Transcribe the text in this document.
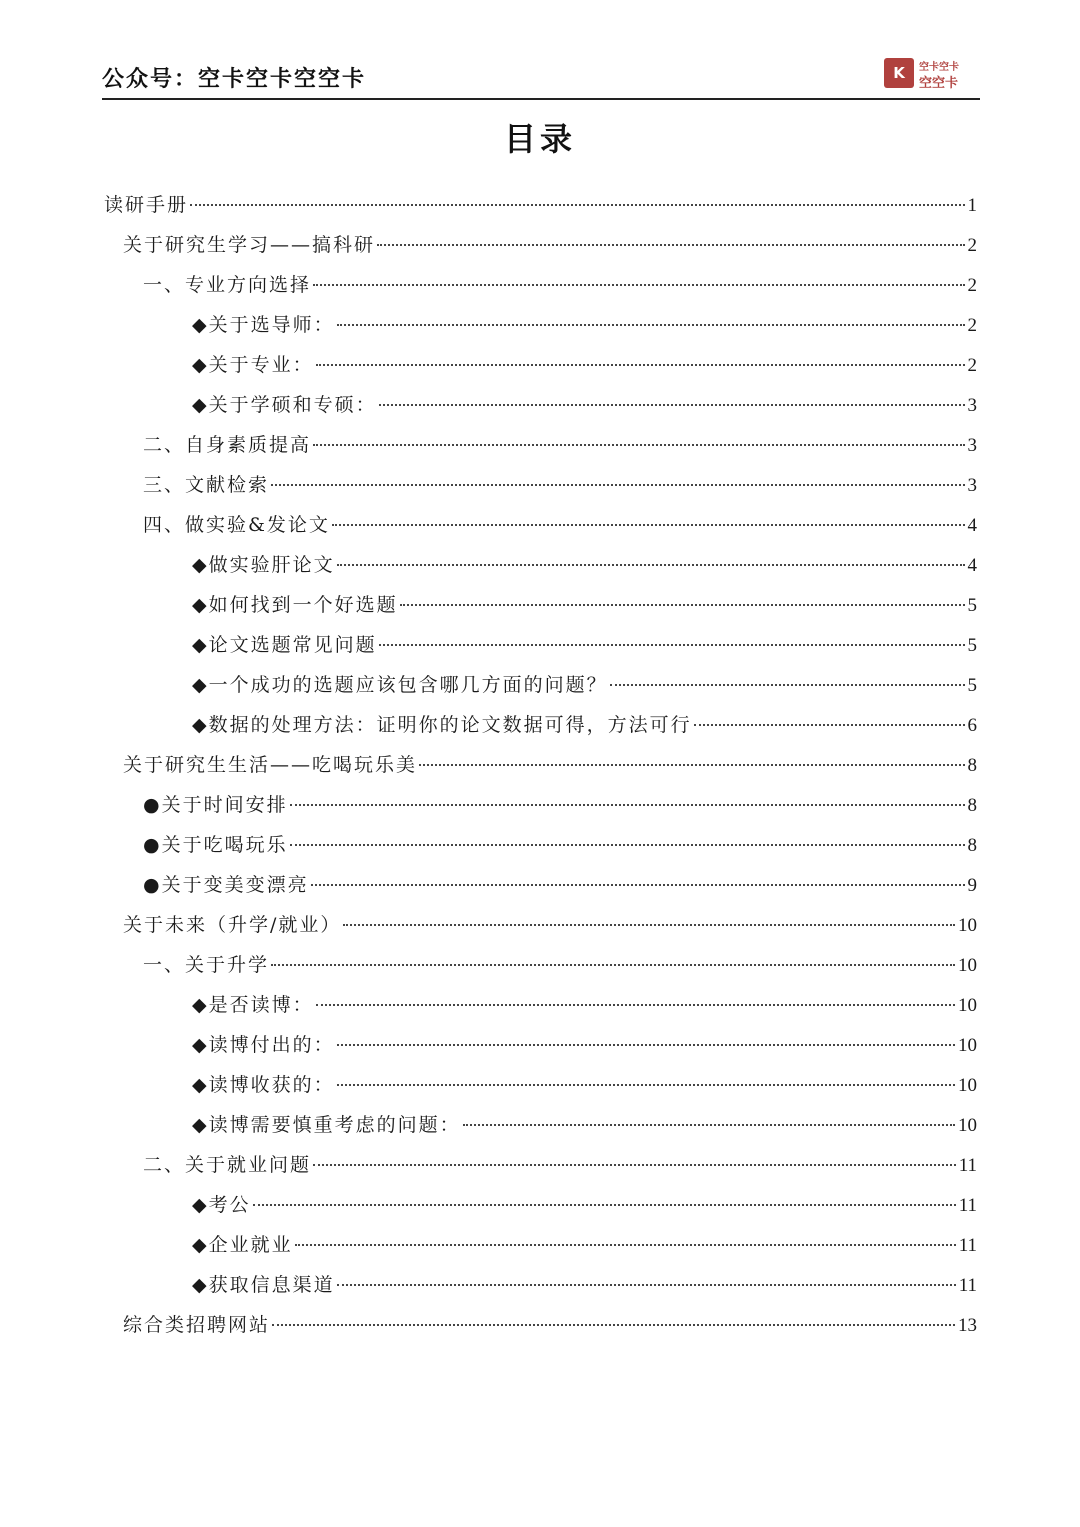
公众号：空卡空卡空空卡	K	空卡空卡
空空卡
目录
读研手册	1
关于研究生学习——搞科研	2
一、专业方向选择	2
◆关于选导师：	2
◆关于专业：	2
◆关于学硕和专硕：	3
二、自身素质提高	3
三、文献检索	3
四、做实验&发论文	4
◆做实验肝论文	4
◆如何找到一个好选题	5
◆论文选题常见问题	5
◆一个成功的选题应该包含哪几方面的问题？	5
◆数据的处理方法：证明你的论文数据可得，方法可行	6
关于研究生生活——吃喝玩乐美	8
●关于时间安排	8
●关于吃喝玩乐	8
●关于变美变漂亮	9
关于未来（升学/就业）	10
一、关于升学	10
◆是否读博：	10
◆读博付出的：	10
◆读博收获的：	10
◆读博需要慎重考虑的问题：	10
二、关于就业问题	11
◆考公	11
◆企业就业	11
◆获取信息渠道	11
综合类招聘网站	13
